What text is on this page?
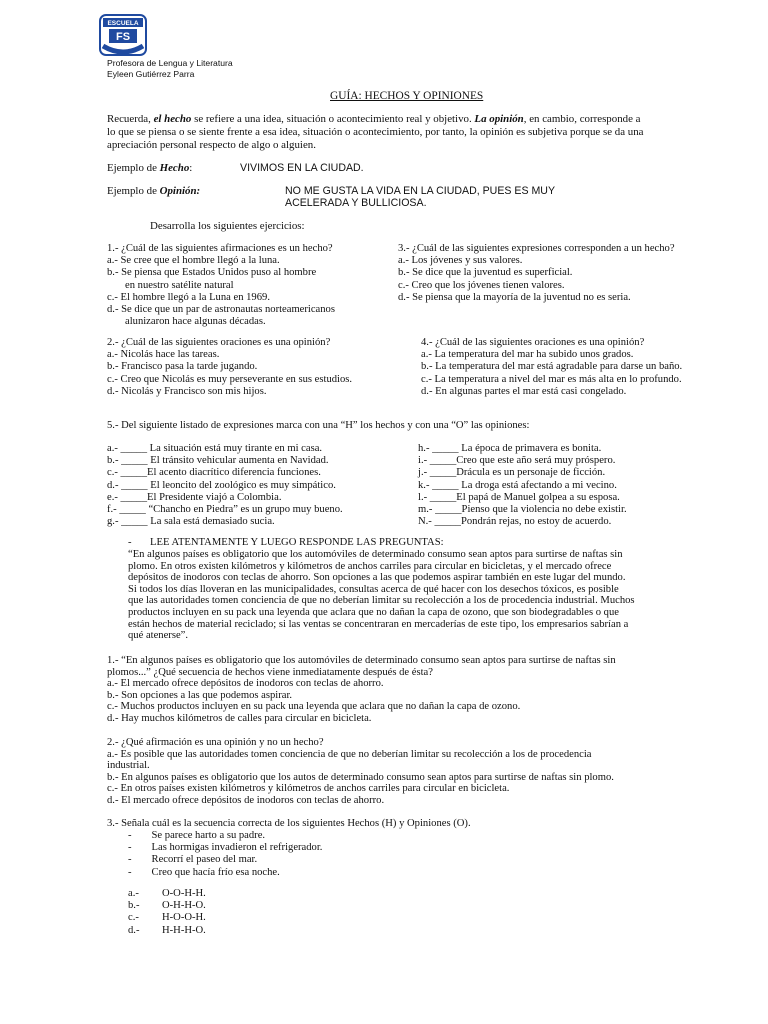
ESCUELA
FS
Profesora de Lengua y Literatura
Eyleen Gutiérrez Parra
GUÍA: HECHOS Y OPINIONES
Recuerda, el hecho se refiere a una idea, situación o acontecimiento real y objetivo. La opinión, en cambio, corresponde a
lo que se piensa o se siente frente a esa idea, situación o acontecimiento, por tanto, la opinión es subjetiva porque se da una
apreciación personal respecto de algo o alguien.
Ejemplo de Hecho:	VIVIMOS EN LA CIUDAD.
Ejemplo de Opinión:	NO ME GUSTA LA VIDA EN LA CIUDAD, PUES ES MUY
ACELERADA Y BULLICIOSA.
Desarrolla los siguientes ejercicios:
1.- ¿Cuál de las siguientes afirmaciones es un hecho?
a.- Se cree que el hombre llegó a la luna.
b.- Se piensa que Estados Unidos puso al hombre
en nuestro satélite natural
c.- El hombre llegó a la Luna en 1969.
d.- Se dice que un par de astronautas norteamericanos
alunizaron hace algunas décadas.
3.- ¿Cuál de las siguientes expresiones corresponden a un hecho?
a.- Los jóvenes y sus valores.
b.- Se dice que la juventud es superficial.
c.- Creo que los jóvenes tienen valores.
d.- Se piensa que la mayoría de la juventud no es seria.
2.- ¿Cuál de las siguientes oraciones es una opinión?
a.- Nicolás hace las tareas.
b.- Francisco pasa la tarde jugando.
c.- Creo que Nicolás es muy perseverante en sus estudios.
d.- Nicolás y Francisco son mis hijos.
4.- ¿Cuál de las siguientes oraciones es una opinión?
a.- La temperatura del mar ha subido unos grados.
b.- La temperatura del mar está agradable para darse un baño.
c.- La temperatura a nivel del mar es más alta en lo profundo.
d.- En algunas partes el mar está casi congelado.
5.- Del siguiente listado de expresiones marca con una “H” los hechos y con una “O” las opiniones:
a.- _____ La situación está muy tirante en mi casa.
b.- _____ El tránsito vehicular aumenta en Navidad.
c.- _____El acento diacrítico diferencia funciones.
d.- _____ El leoncito del zoológico es muy simpático.
e.- _____El Presidente viajó a Colombia.
f.- _____ “Chancho en Piedra” es un grupo muy bueno.
g.- _____ La sala está demasiado sucia.
h.- _____ La época de primavera es bonita.
i.- _____Creo que este año será muy próspero.
j.- _____Drácula es un personaje de ficción.
k.- _____ La droga está afectando a mi vecino.
l.- _____El papá de Manuel golpea a su esposa.
m.- _____Pienso que la violencia no debe existir.
N.- _____Pondrán rejas, no estoy de acuerdo.
- LEE ATENTAMENTE Y LUEGO RESPONDE LAS PREGUNTAS:
“En algunos países es obligatorio que los automóviles de determinado consumo sean aptos para surtirse de naftas sin
plomo. En otros existen kilómetros y kilómetros de anchos carriles para circular en bicicletas, y el mercado ofrece
depósitos de inodoros con teclas de ahorro. Son opciones a las que podemos aspirar también en este lugar del mundo.
Si todos los días lloveran en las municipalidades, consultas acerca de qué hacer con los desechos tóxicos, es posible
que las autoridades tomen conciencia de que no deberían limitar su recolección a los de procedencia industrial. Muchos
productos incluyen en su pack una leyenda que aclara que no dañan la capa de ozono, que son biodegradables o que
están hechos de material reciclado; si las ventas se concentraran en mercaderías de este tipo, los empresarios sabrían a
qué atenerse”.
1.- “En algunos países es obligatorio que los automóviles de determinado consumo sean aptos para surtirse de naftas sin
plomos...” ¿Qué secuencia de hechos viene inmediatamente después de ésta?
a.- El mercado ofrece depósitos de inodoros con teclas de ahorro.
b.- Son opciones a las que podemos aspirar.
c.- Muchos productos incluyen en su pack una leyenda que aclara que no dañan la capa de ozono.
d.- Hay muchos kilómetros de calles para circular en bicicleta.
2.- ¿Qué afirmación es una opinión y no un hecho?
a.- Es posible que las autoridades tomen conciencia de que no deberían limitar su recolección a los de procedencia
industrial.
b.- En algunos países es obligatorio que los autos de determinado consumo sean aptos para surtirse de naftas sin plomo.
c.- En otros países existen kilómetros y kilómetros de anchos carriles para circular en bicicleta.
d.- El mercado ofrece depósitos de inodoros con teclas de ahorro.
3.- Señala cuál es la secuencia correcta de los siguientes Hechos (H) y Opiniones (O).
- Se parece harto a su padre.
- Las hormigas invadieron el refrigerador.
- Recorrí el paseo del mar.
- Creo que hacía frío esa noche.
a.- O-O-H-H.
b.- O-H-H-O.
c.- H-O-O-H.
d.- H-H-H-O.
